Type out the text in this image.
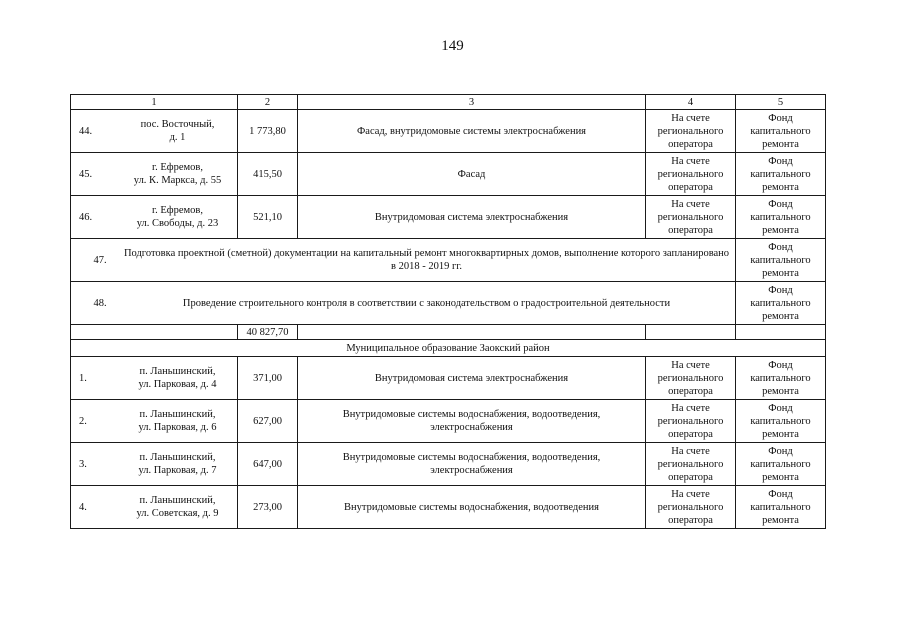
149
1	2	3	4	5

44.
пос. Восточный,
д. 1	1 773,80	Фасад, внутридомовые системы электроснабжения	На счете
регионального
оператора	Фонд
капитального
ремонта

45.
г. Ефремов,
ул. К. Маркса, д. 55	415,50	Фасад	На счете
регионального
оператора	Фонд
капитального
ремонта

46.
г. Ефремов,
ул. Свободы, д. 23	521,10	Внутридомовая система электроснабжения	На счете
регионального
оператора	Фонд
капитального
ремонта

47.
Подготовка проектной (сметной) документации на капитальный ремонт многоквартирных домов, выполнение которого запланировано в 2018 - 2019 гг.				Фонд
капитального
ремонта

48. Проведение строительного контроля в соответствии с законодательством о градостроительной деятельности				Фонд
капитального
ремонта
	40 827,70			
Муниципальное образование Заокский район				

1.
п. Ланьшинский,
ул. Парковая, д. 4	371,00	Внутридомовая система электроснабжения	На счете
регионального
оператора	Фонд
капитального
ремонта

2.
п. Ланьшинский,
ул. Парковая, д. 6	627,00	Внутридомовые системы водоснабжения, водоотведения,
электроснабжения	На счете
регионального
оператора	Фонд
капитального
ремонта

3.
п. Ланьшинский,
ул. Парковая, д. 7	647,00	Внутридомовые системы водоснабжения, водоотведения,
электроснабжения	На счете
регионального
оператора	Фонд
капитального
ремонта

4.
п. Ланьшинский,
ул. Советская, д. 9	273,00	Внутридомовые системы водоснабжения, водоотведения	На счете
регионального
оператора	Фонд
капитального
ремонта
